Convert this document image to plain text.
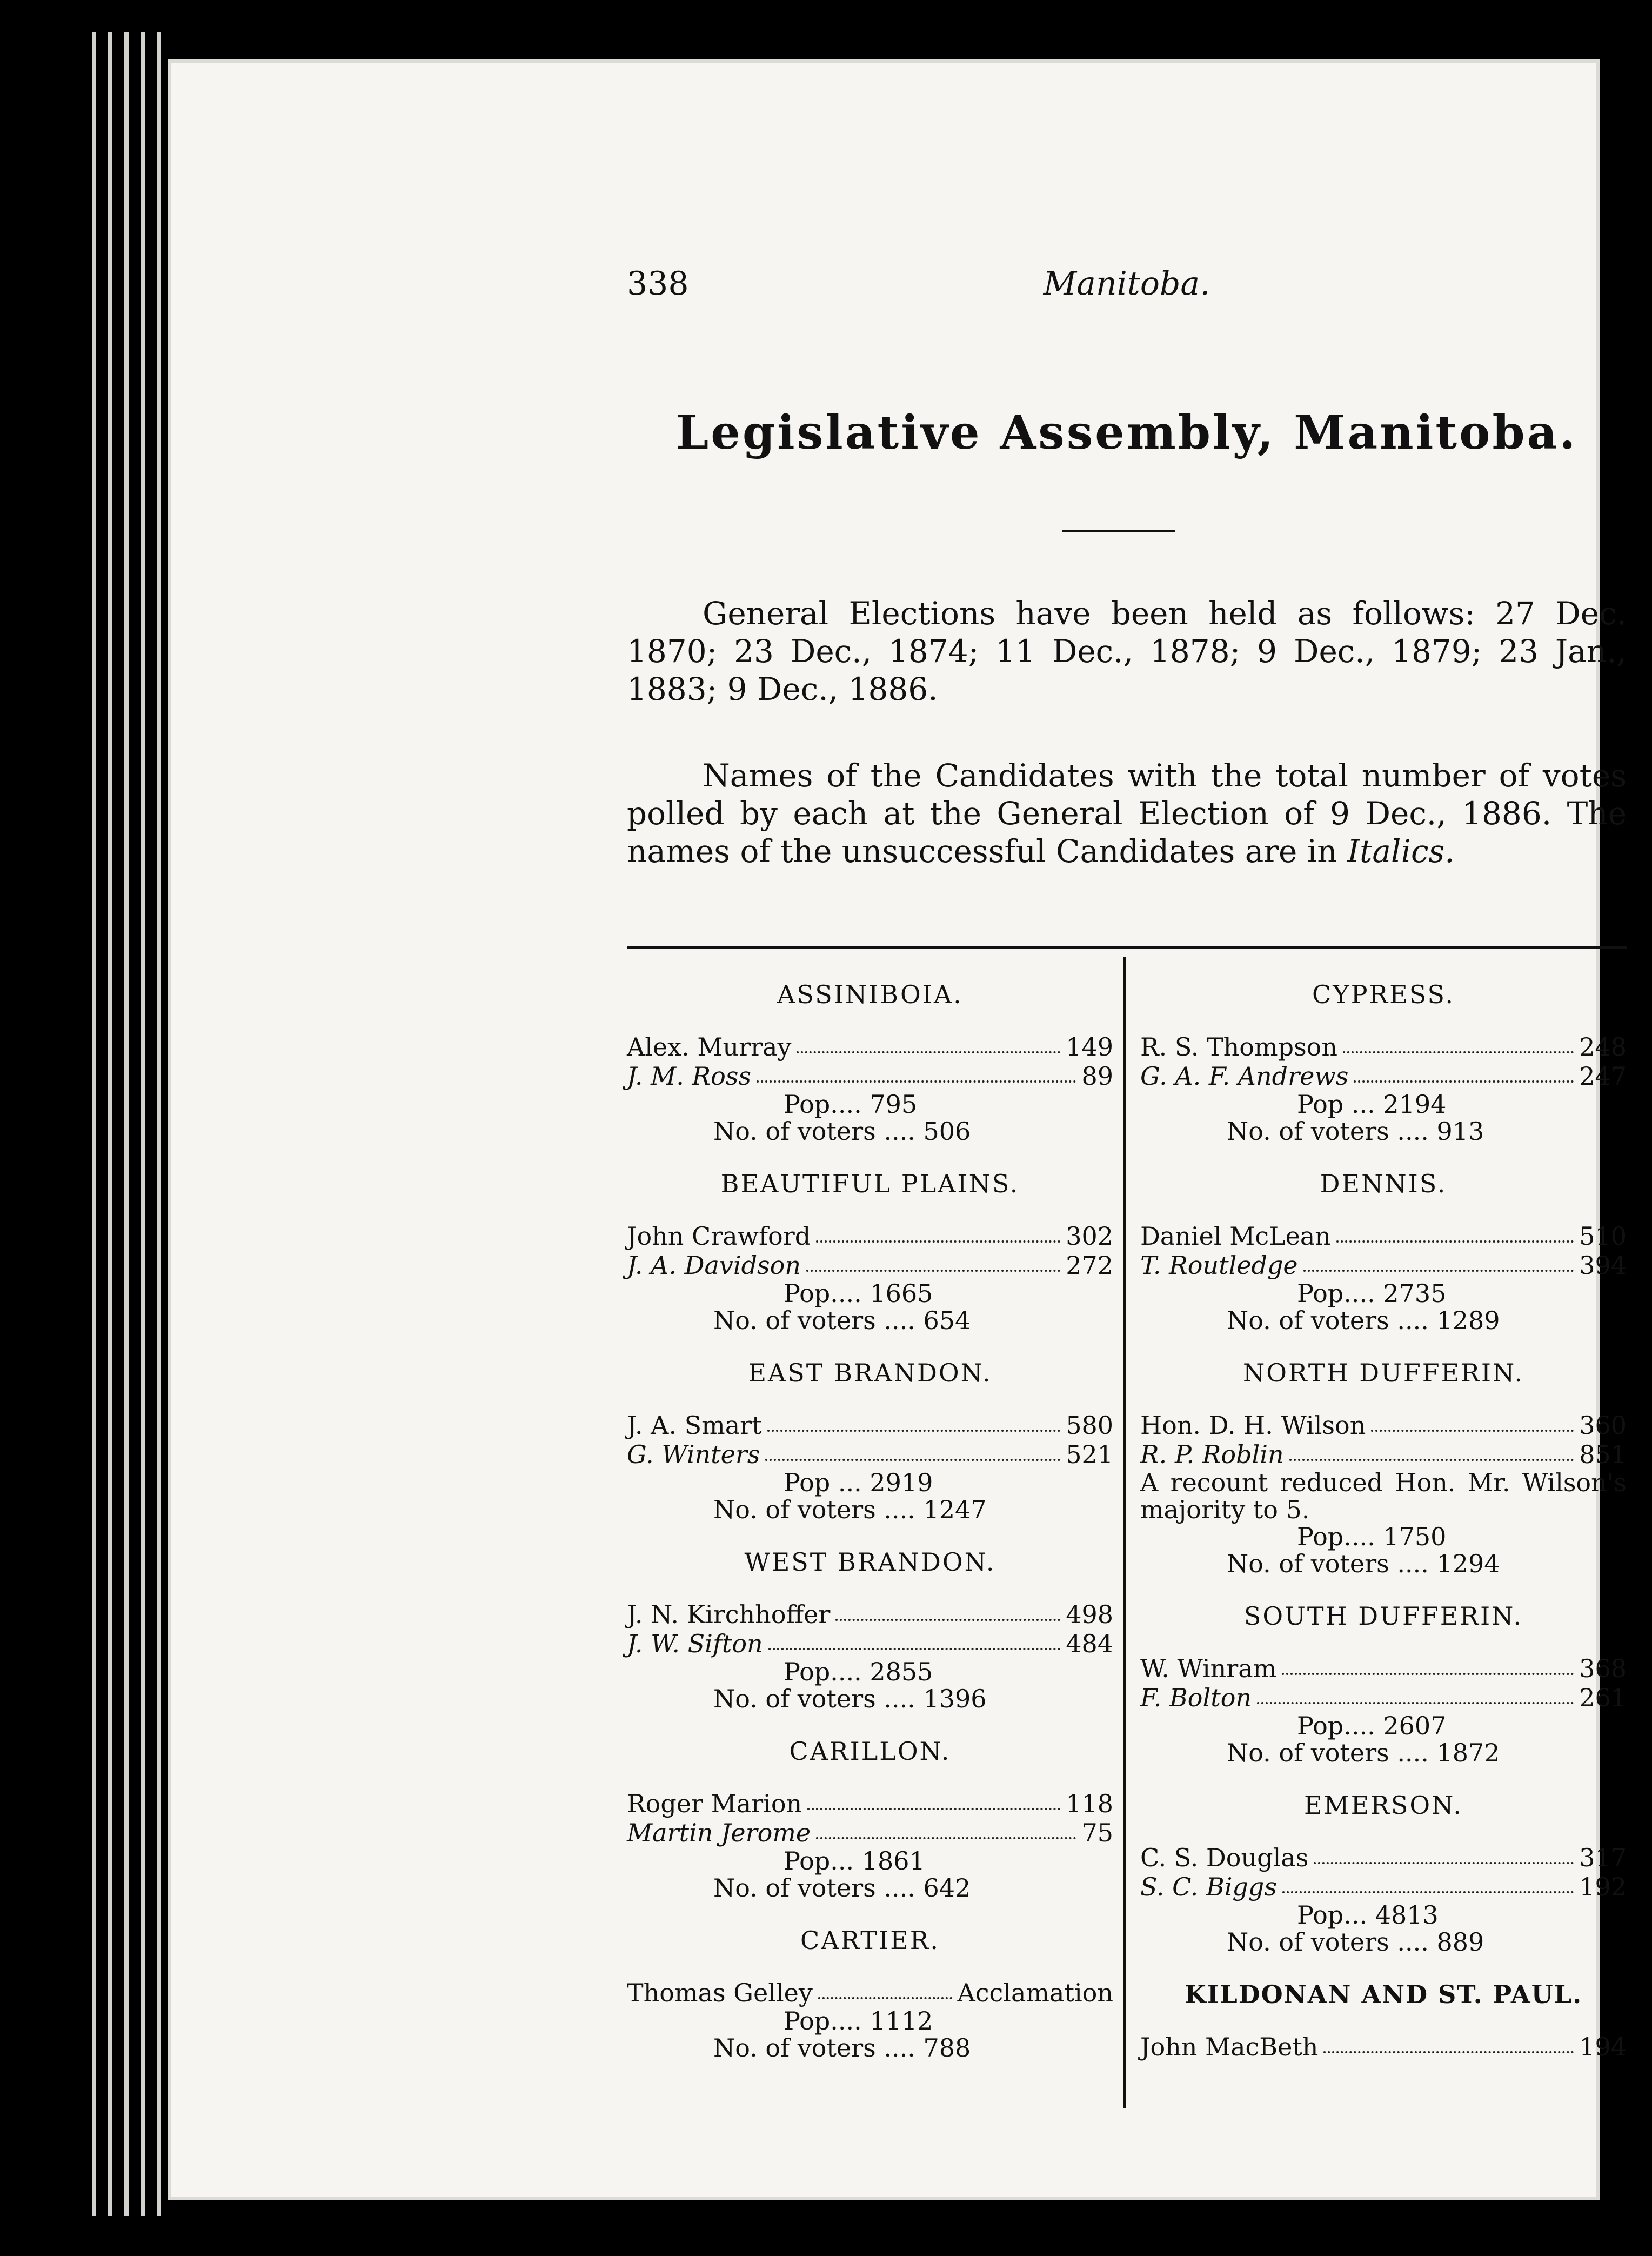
338	Manitoba.
Legislative Assembly, Manitoba.
General Elections have been held as follows: 27 Dec. 1870; 23 Dec., 1874; 11 Dec., 1878; 9 Dec., 1879; 23 Jan., 1883; 9 Dec., 1886.
Names of the Candidates with the total number of votes polled by each at the General Election of 9 Dec., 1886. The names of the unsuccessful Candidates are in Italics.
ASSINIBOIA.
Alex. Murray	149
J. M. Ross	89
Pop.... 795
No. of voters .... 506
BEAUTIFUL PLAINS.
John Crawford	302
J. A. Davidson	272
Pop.... 1665
No. of voters .... 654
EAST BRANDON.
J. A. Smart	580
G. Winters	521
Pop ... 2919
No. of voters .... 1247
WEST BRANDON.
J. N. Kirchhoffer	498
J. W. Sifton	484
Pop.... 2855
No. of voters .... 1396
CARILLON.
Roger Marion	118
Martin Jerome	75
Pop... 1861
No. of voters .... 642
CARTIER.
Thomas Gelley	Acclamation
Pop.... 1112
No. of voters .... 788
CYPRESS.
R. S. Thompson	248
G. A. F. Andrews	247
Pop ... 2194
No. of voters .... 913
DENNIS.
Daniel McLean	510
T. Routledge	394
Pop.... 2735
No. of voters .... 1289
NORTH DUFFERIN.
Hon. D. H. Wilson	360
R. P. Roblin	851
A recount reduced Hon. Mr. Wilson's majority to 5.
Pop.... 1750
No. of voters .... 1294
SOUTH DUFFERIN.
W. Winram	368
F. Bolton	261
Pop.... 2607
No. of voters .... 1872
EMERSON.
C. S. Douglas	317
S. C. Biggs	192
Pop... 4813
No. of voters .... 889
KILDONAN AND ST. PAUL.
John MacBeth	194
